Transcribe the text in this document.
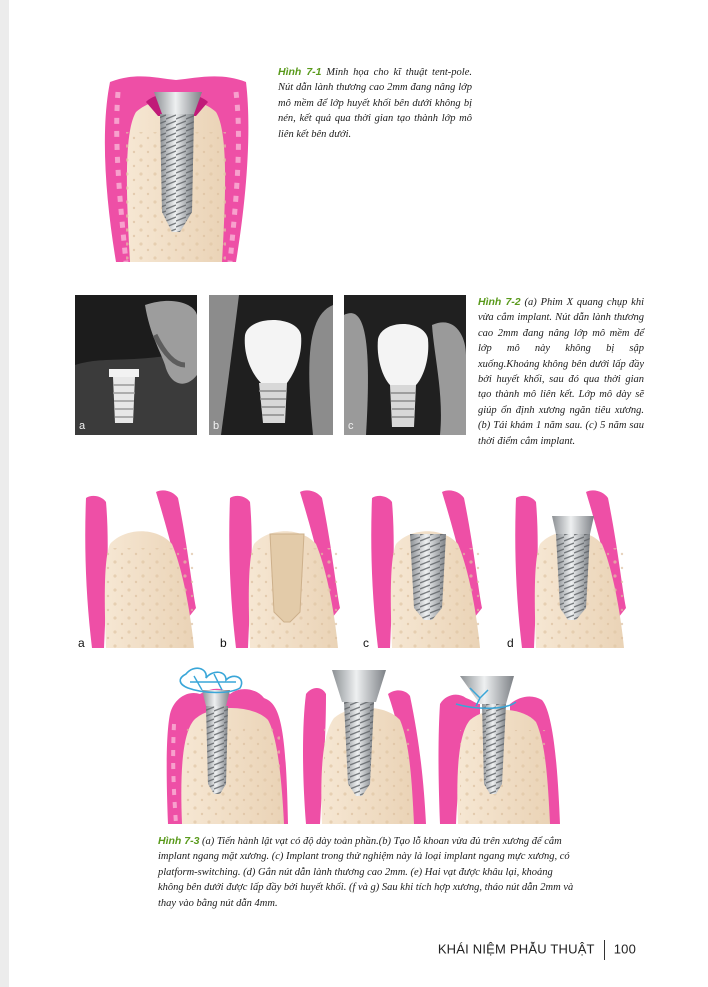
Hình 7-1 Minh họa cho kĩ thuật tent-pole. Nút dẫn lành thương cao 2mm đang nâng lớp mô mềm để lớp huyết khối bên dưới không bị nén, kết quả qua thời gian tạo thành lớp mô liên kết bên dưới.
a	b	c
Hình 7-2 (a) Phim X quang chụp khi vừa cắm implant. Nút dẫn lành thương cao 2mm đang nâng lớp mô mềm để lớp mô này không bị sập xuống.Khoảng không bên dưới lấp đầy bởi huyết khối, sau đó qua thời gian tạo thành mô liên kết. Lớp mô dày sẽ giúp ổn định xương ngăn tiêu xương. (b) Tái khám 1 năm sau. (c) 5 năm sau thời điểm cắm implant.
a	b	c	d
Hình 7-3 (a) Tiến hành lật vạt có độ dày toàn phần.(b) Tạo lỗ khoan vừa đủ trên xương để cắm implant ngang mặt xương. (c) Implant trong thử nghiệm này là loại implant ngang mực xương, có platform-switching. (d) Gắn nút dẫn lành thương cao 2mm. (e) Hai vạt được khâu lại, khoảng không bên dưới được lấp đầy bởi huyết khối. (f và g) Sau khi tích hợp xương, tháo nút dẫn 2mm và thay vào bằng nút dẫn 4mm.
KHÁI NIỆM PHẪU THUẬT 100
